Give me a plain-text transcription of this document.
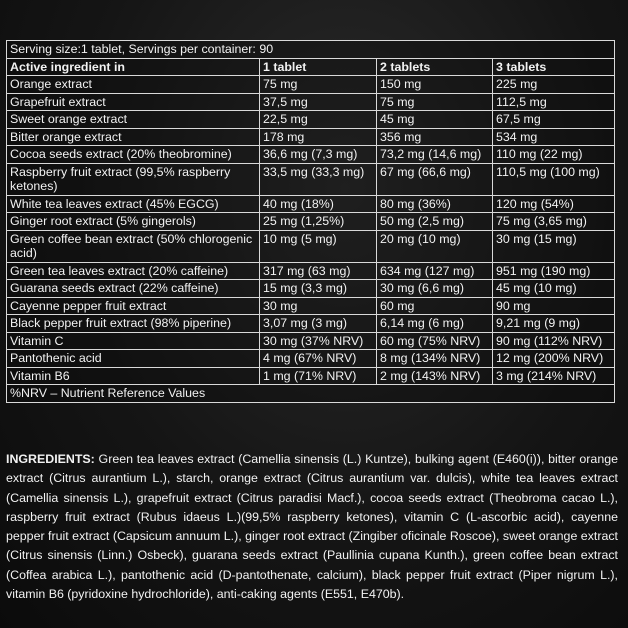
Serving size:1 tablet, Servings per container: 90			
Active ingredient in	1 tablet	2 tablets	3 tablets
Orange extract	75 mg	150 mg	225 mg
Grapefruit extract	37,5 mg	75 mg	112,5 mg
Sweet orange extract	22,5 mg	45 mg	67,5 mg
Bitter orange extract	178 mg	356 mg	534 mg
Cocoa seeds extract (20% theobromine)	36,6 mg (7,3 mg)	73,2 mg (14,6 mg)	110 mg (22 mg)
Raspberry fruit extract (99,5% raspberry ketones)	33,5 mg (33,3 mg)	67 mg (66,6 mg)	110,5 mg (100 mg)
White tea leaves extract (45% EGCG)	40 mg (18%)	80 mg (36%)	120 mg (54%)
Ginger root extract (5% gingerols)	25 mg (1,25%)	50 mg (2,5 mg)	75 mg (3,65 mg)
Green coffee bean extract (50% chlorogenic acid)	10 mg (5 mg)	20 mg (10 mg)	30 mg (15 mg)
Green tea leaves extract (20% caffeine)	317 mg (63 mg)	634 mg (127 mg)	951 mg (190 mg)
Guarana seeds extract (22% caffeine)	15 mg (3,3 mg)	30 mg (6,6 mg)	45 mg (10 mg)
Cayenne pepper fruit extract	30 mg	60 mg	90 mg
Black pepper fruit extract (98% piperine)	3,07 mg (3 mg)	6,14 mg (6 mg)	9,21 mg (9 mg)
Vitamin C	30 mg (37% NRV)	60 mg (75% NRV)	90 mg (112% NRV)
Pantothenic acid	4 mg (67% NRV)	8 mg (134% NRV)	12 mg (200% NRV)
Vitamin B6	1 mg (71% NRV)	2 mg (143% NRV)	3 mg (214% NRV)
%NRV – Nutrient Reference Values			
INGREDIENTS: Green tea leaves extract (Camellia sinensis (L.) Kuntze), bulking agent (E460(i)), bitter orange extract (Citrus aurantium L.), starch, orange extract (Citrus aurantium var. dulcis), white tea leaves extract (Camellia sinensis L.), grapefruit extract (Citrus paradisi Macf.), cocoa seeds extract (Theobroma cacao L.), raspberry fruit extract (Rubus idaeus L.)(99,5% raspberry ketones), vitamin C (L-ascorbic acid), cayenne pepper fruit extract (Capsicum annuum L.), ginger root extract (Zingiber oficinale Roscoe), sweet orange extract (Citrus sinensis (Linn.) Osbeck), guarana seeds extract (Paullinia cupana Kunth.), green coffee bean extract (Coffea arabica L.), pantothenic acid (D-pantothenate, calcium), black pepper fruit extract (Piper nigrum L.), vitamin B6 (pyridoxine hydrochloride), anti-caking agents (E551, E470b).
